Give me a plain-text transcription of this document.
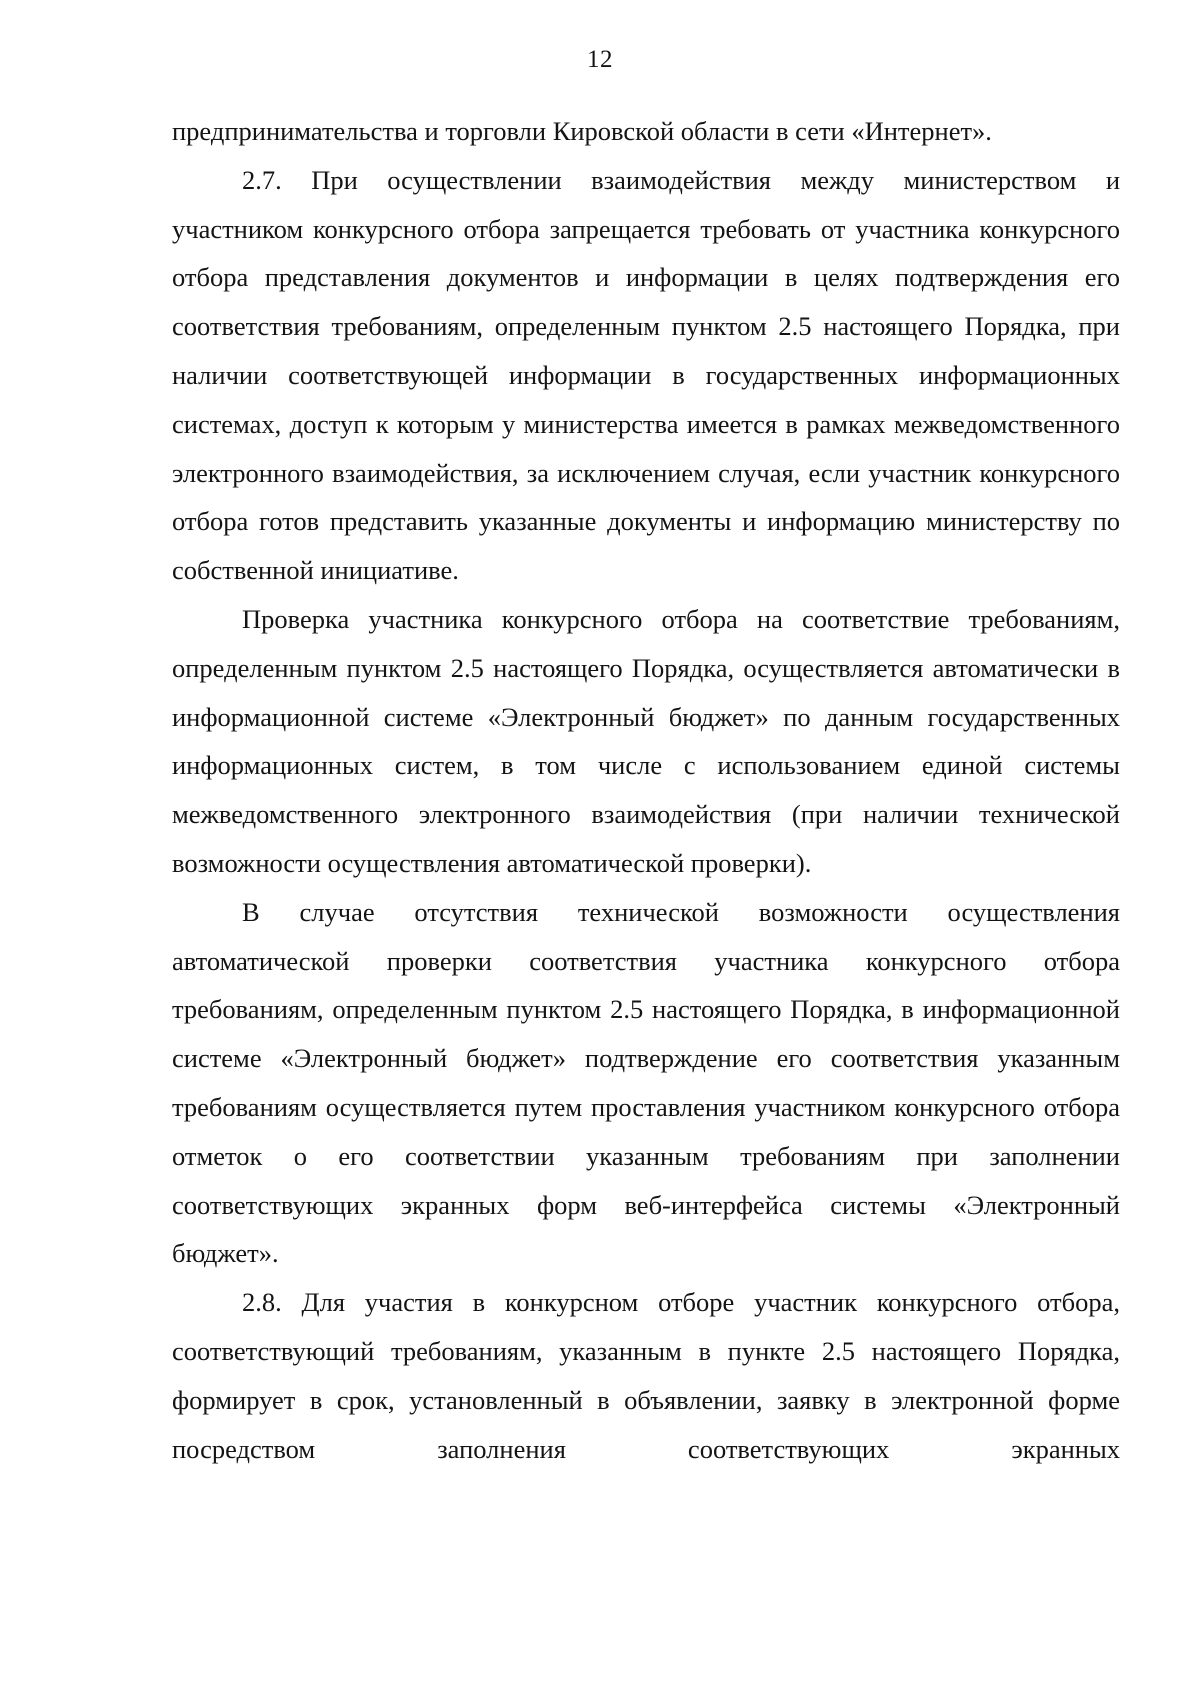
12

предпринимательства и торговли Кировской области в сети «Интернет».

2.7. При осуществлении взаимодействия между министерством и участником конкурсного отбора запрещается требовать от участника конкурсного отбора представления документов и информации в целях подтверждения его соответствия требованиям, определенным пунктом 2.5 настоящего Порядка, при наличии соответствующей информации в государственных информационных системах, доступ к которым у министерства имеется в рамках межведомственного электронного взаимодействия, за исключением случая, если участник конкурсного отбора готов представить указанные документы и информацию министерству по собственной инициативе.

Проверка участника конкурсного отбора на соответствие требованиям, определенным пунктом 2.5 настоящего Порядка, осуществляется автоматически в информационной системе «Электронный бюджет» по данным государственных информационных систем, в том числе с использованием единой системы межведомственного электронного взаимодействия (при наличии технической возможности осуществления автоматической проверки).

В случае отсутствия технической возможности осуществления автоматической проверки соответствия участника конкурсного отбора требованиям, определенным пунктом 2.5 настоящего Порядка, в информационной системе «Электронный бюджет» подтверждение его соответствия указанным требованиям осуществляется путем проставления участником конкурсного отбора отметок о его соответствии указанным требованиям при заполнении соответствующих экранных форм веб-интерфейса системы «Электронный бюджет».

2.8. Для участия в конкурсном отборе участник конкурсного отбора, соответствующий требованиям, указанным в пункте 2.5 настоящего Порядка, формирует в срок, установленный в объявлении, заявку в электронной форме посредством заполнения соответствующих экранных
